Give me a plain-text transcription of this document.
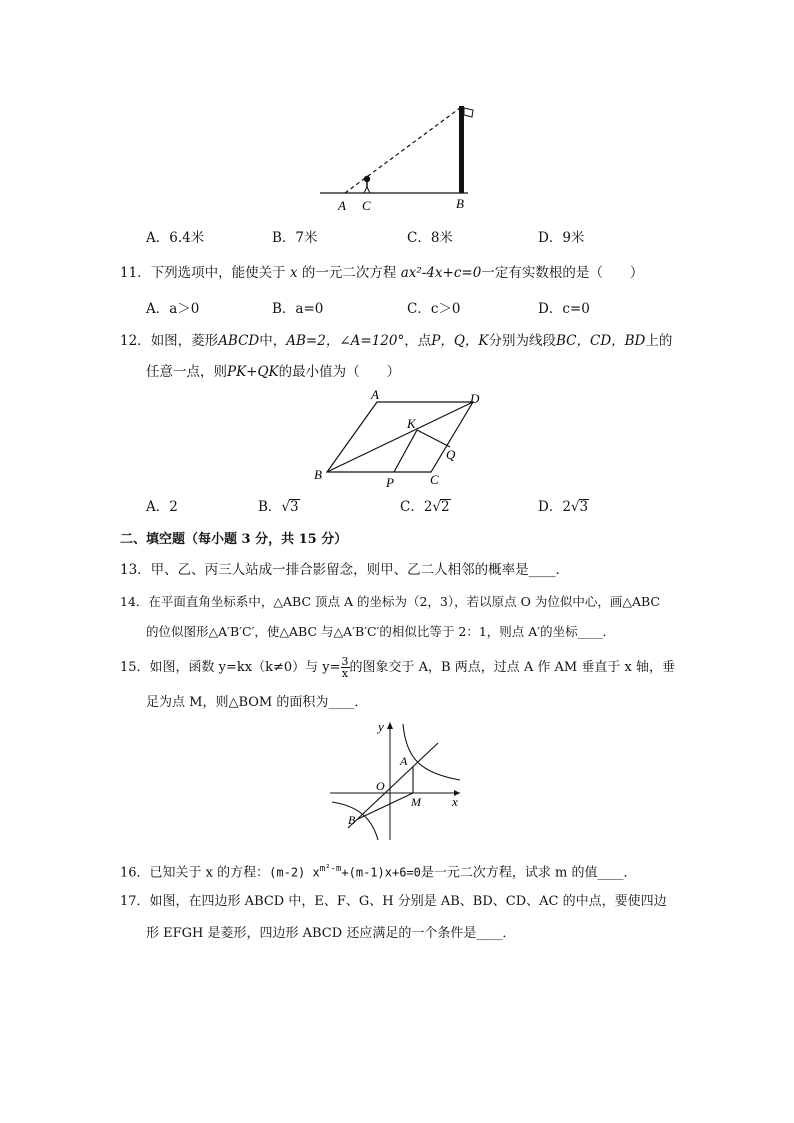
A C	B
A．6.4米	B．7米	C．8米	D．9米
11．下列选项中，能使关于 x 的一元二次方程 ax²-4x+c=0一定有实数根的是（　　）
A．a＞0	B．a=0	C．c＞0	D．c=0
12．如图，菱形ABCD中，AB=2，∠A=120°，点P，Q，K分别为线段BC，CD，BD上的
任意一点，则PK+QK的最小值为（　　）
A	D
K
Q
B
P	C
A．2	B．√3	C．2√2	D．2√3
二、填空题（每小题 3 分，共 15 分）
13．甲、乙、丙三人站成一排合影留念，则甲、乙二人相邻的概率是____．
14．在平面直角坐标系中，△ABC 顶点 A 的坐标为（2，3），若以原点 O 为位似中心，画△ABC
的位似图形△A′B′C′，使△ABC 与△A′B′C′的相似比等于 2：1，则点 A′的坐标____．
15．如图，函数 y=kx（k≠0）与 $y= \frac{3}{x}$ 的图象交于 A，B 两点，过点 A 作 AM 垂直于 x 轴，垂
足为点 M，则△BOM 的面积为____．
y
A
O
M x
B
16．已知关于 x 的方程：(m-2) $x^{m^2-m}+(m-1)x+6=0$是一元二次方程，试求 m 的值____．
17．如图，在四边形 ABCD 中，E、F、G、H 分别是 AB、BD、CD、AC 的中点，要使四边
形 EFGH 是菱形，四边形 ABCD 还应满足的一个条件是____．
